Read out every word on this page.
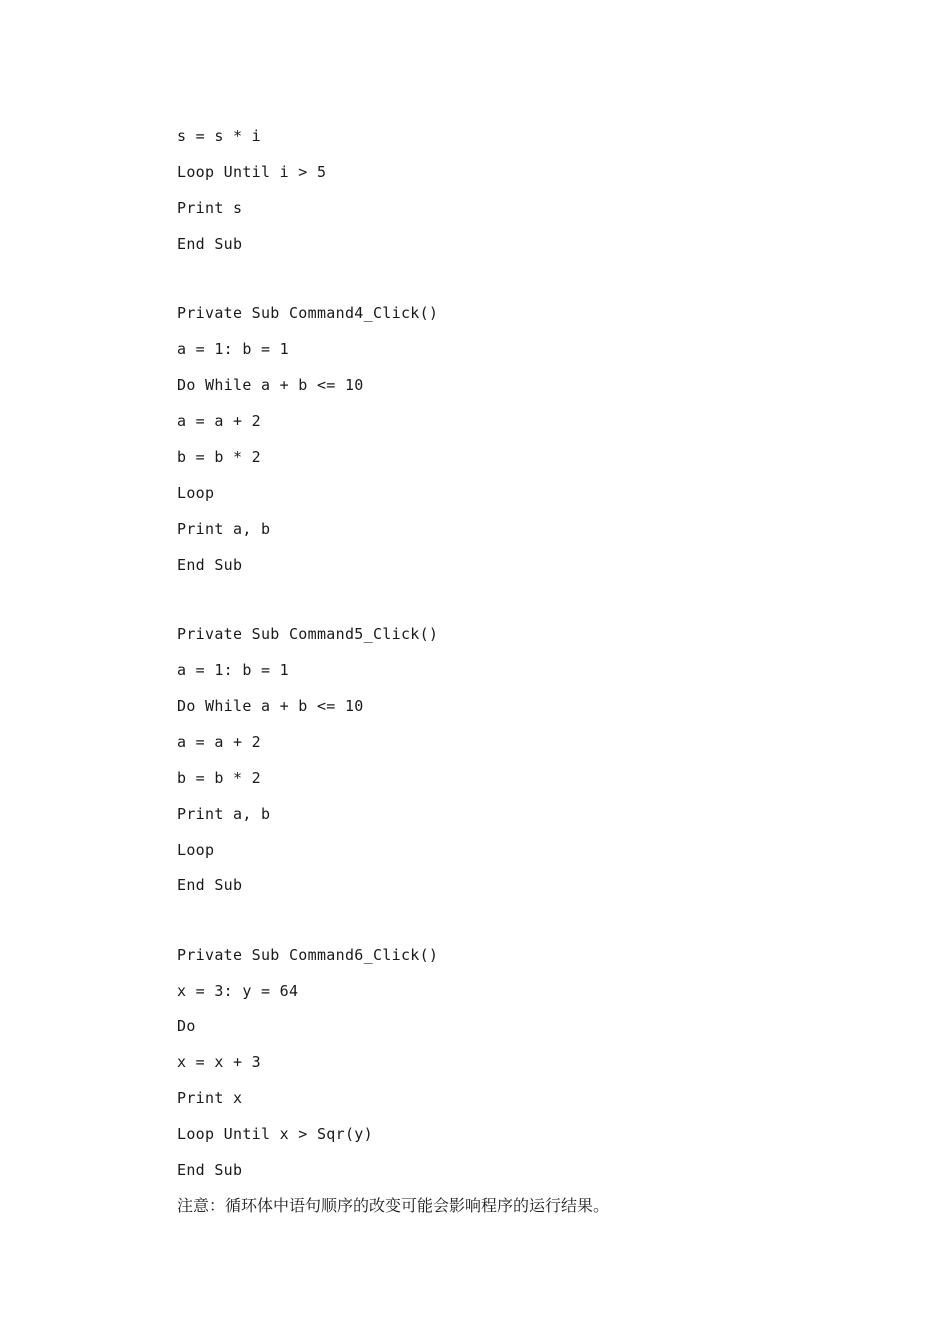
s = s * i
Loop Until i > 5
Print s
End Sub
Private Sub Command4_Click()
a = 1: b = 1
Do While a + b <= 10
a = a + 2
b = b * 2
Loop
Print a, b
End Sub
Private Sub Command5_Click()
a = 1: b = 1
Do While a + b <= 10
a = a + 2
b = b * 2
Print a, b
Loop
End Sub
Private Sub Command6_Click()
x = 3: y = 64
Do
x = x + 3
Print x
Loop Until x > Sqr(y)
End Sub
注意：循环体中语句顺序的改变可能会影响程序的运行结果。
